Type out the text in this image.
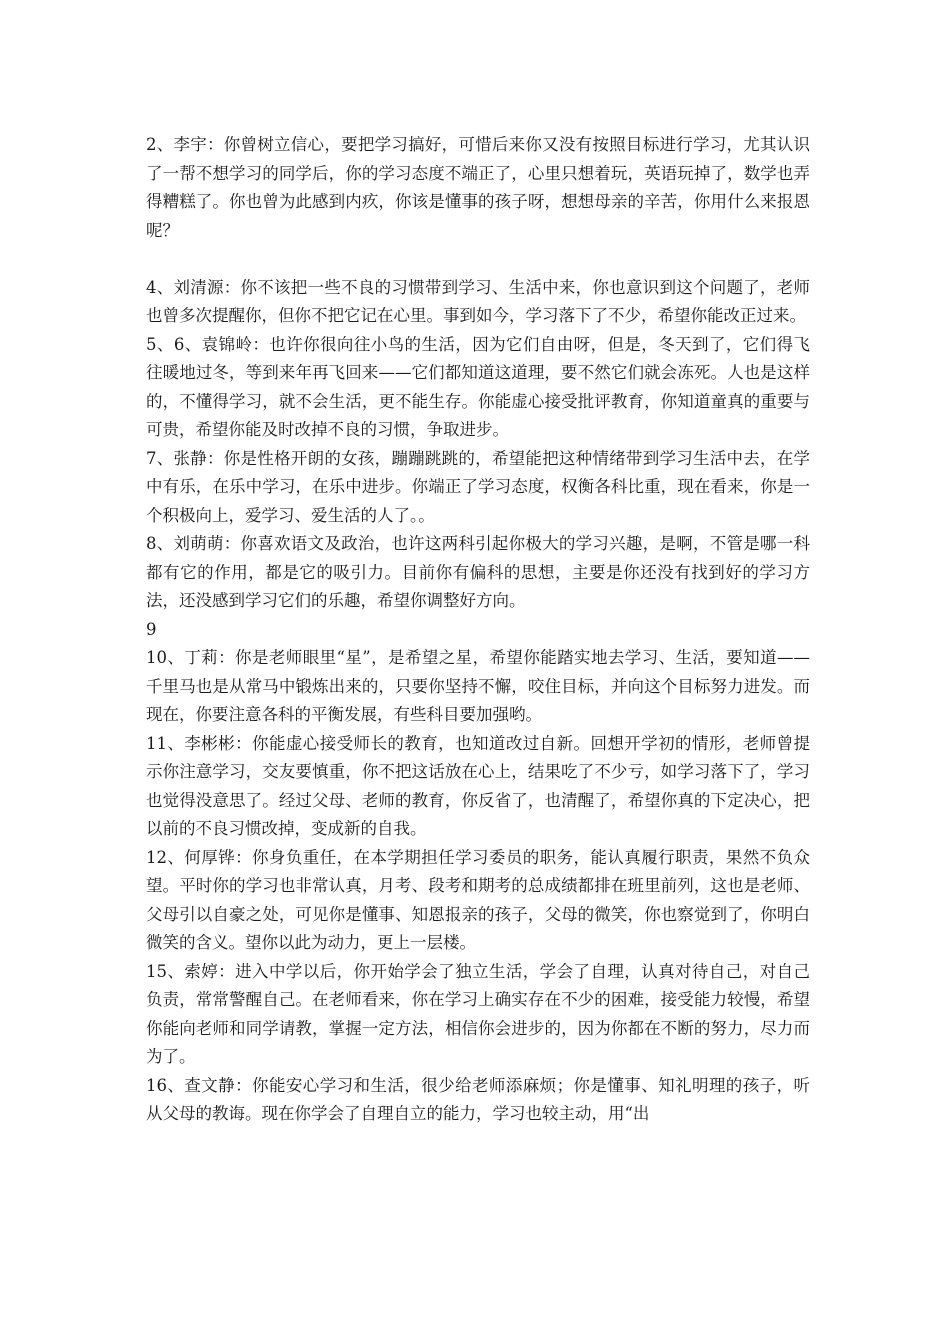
2、李宇：你曾树立信心，要把学习搞好，可惜后来你又没有按照目标进行学习，尤其认识了一帮不想学习的同学后，你的学习态度不端正了，心里只想着玩，英语玩掉了，数学也弄得糟糕了。你也曾为此感到内疚，你该是懂事的孩子呀，想想母亲的辛苦，你用什么来报恩呢？

4、刘清源：你不该把一些不良的习惯带到学习、生活中来，你也意识到这个问题了，老师也曾多次提醒你，但你不把它记在心里。事到如今，学习落下了不少，希望你能改正过来。

5、6、袁锦岭：也许你很向往小鸟的生活，因为它们自由呀，但是，冬天到了，它们得飞往暖地过冬，等到来年再飞回来——它们都知道这道理，要不然它们就会冻死。人也是这样的，不懂得学习，就不会生活，更不能生存。你能虚心接受批评教育，你知道童真的重要与可贵，希望你能及时改掉不良的习惯，争取进步。

7、张静：你是性格开朗的女孩，蹦蹦跳跳的，希望能把这种情绪带到学习生活中去，在学中有乐，在乐中学习，在乐中进步。你端正了学习态度，权衡各科比重，现在看来，你是一个积极向上，爱学习、爱生活的人了。。

8、刘萌萌：你喜欢语文及政治，也许这两科引起你极大的学习兴趣，是啊，不管是哪一科都有它的作用，都是它的吸引力。目前你有偏科的思想，主要是你还没有找到好的学习方法，还没感到学习它们的乐趣，希望你调整好方向。

9

10、丁莉：你是老师眼里“星”，是希望之星，希望你能踏实地去学习、生活，要知道——千里马也是从常马中锻炼出来的，只要你坚持不懈，咬住目标，并向这个目标努力进发。而现在，你要注意各科的平衡发展，有些科目要加强哟。

11、李彬彬：你能虚心接受师长的教育，也知道改过自新。回想开学初的情形，老师曾提示你注意学习，交友要慎重，你不把这话放在心上，结果吃了不少亏，如学习落下了，学习也觉得没意思了。经过父母、老师的教育，你反省了，也清醒了，希望你真的下定决心，把以前的不良习惯改掉，变成新的自我。

12、何厚铧：你身负重任，在本学期担任学习委员的职务，能认真履行职责，果然不负众望。平时你的学习也非常认真，月考、段考和期考的总成绩都排在班里前列，这也是老师、父母引以自豪之处，可见你是懂事、知恩报亲的孩子，父母的微笑，你也察觉到了，你明白微笑的含义。望你以此为动力，更上一层楼。

15、索婷：进入中学以后，你开始学会了独立生活，学会了自理，认真对待自己，对自己负责，常常警醒自己。在老师看来，你在学习上确实存在不少的困难，接受能力较慢，希望你能向老师和同学请教，掌握一定方法，相信你会进步的，因为你都在不断的努力，尽力而为了。

16、查文静：你能安心学习和生活，很少给老师添麻烦；你是懂事、知礼明理的孩子，听从父母的教诲。现在你学会了自理自立的能力，学习也较主动，用“出
